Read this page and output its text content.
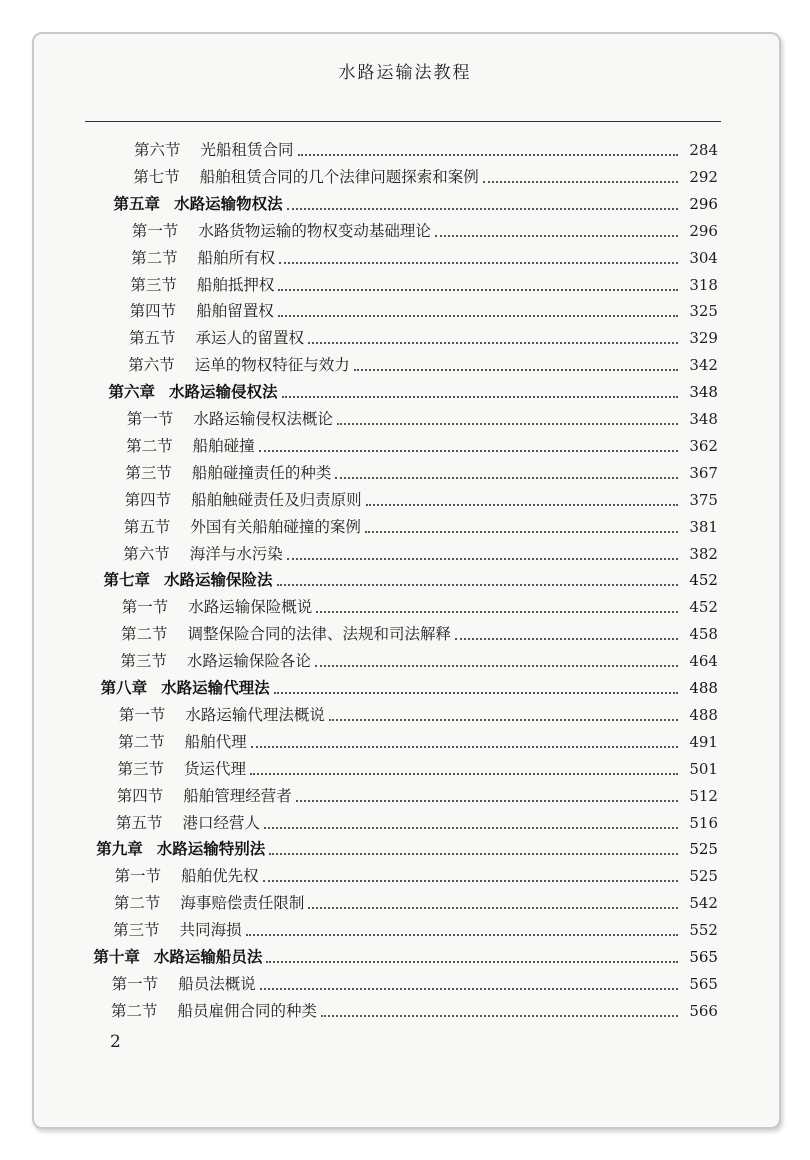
水路运输法教程
第六节 光船租赁合同	284
第七节 船舶租赁合同的几个法律问题探索和案例	292
第五章 水路运输物权法	296
第一节 水路货物运输的物权变动基础理论	296
第二节 船舶所有权	304
第三节 船舶抵押权	318
第四节 船舶留置权	325
第五节 承运人的留置权	329
第六节 运单的物权特征与效力	342
第六章 水路运输侵权法	348
第一节 水路运输侵权法概论	348
第二节 船舶碰撞	362
第三节 船舶碰撞责任的种类	367
第四节 船舶触碰责任及归责原则	375
第五节 外国有关船舶碰撞的案例	381
第六节 海洋与水污染	382
第七章 水路运输保险法	452
第一节 水路运输保险概说	452
第二节 调整保险合同的法律、法规和司法解释	458
第三节 水路运输保险各论	464
第八章 水路运输代理法	488
第一节 水路运输代理法概说	488
第二节 船舶代理	491
第三节 货运代理	501
第四节 船舶管理经营者	512
第五节 港口经营人	516
第九章 水路运输特别法	525
第一节 船舶优先权	525
第二节 海事赔偿责任限制	542
第三节 共同海损	552
第十章 水路运输船员法	565
第一节 船员法概说	565
第二节 船员雇佣合同的种类	566
2
